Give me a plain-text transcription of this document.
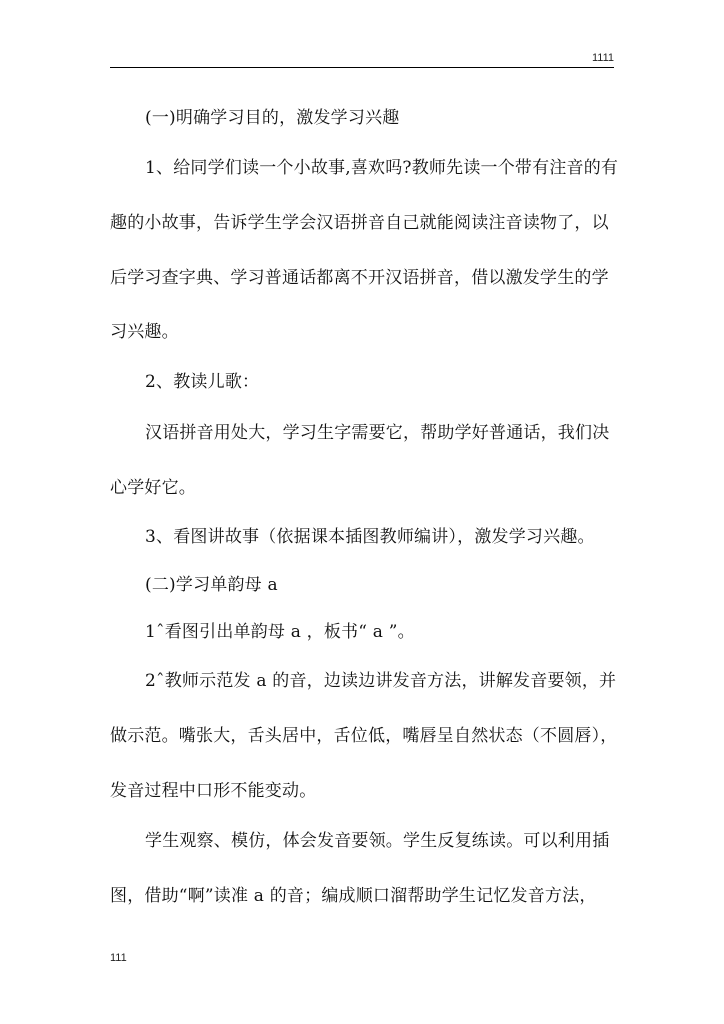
1111
(一)明确学习目的，激发学习兴趣
1、给同学们读一个小故事,喜欢吗?教师先读一个带有注音的有
趣的小故事，告诉学生学会汉语拼音自己就能阅读注音读物了，以
后学习查字典、学习普通话都离不开汉语拼音，借以激发学生的学
习兴趣。
2、教读儿歌：
汉语拼音用处大，学习生字需要它，帮助学好普通话，我们决
心学好它。
3、看图讲故事（依据课本插图教师编讲），激发学习兴趣。
(二)学习单韵母 a
1ˆ看图引出单韵母 a ，板书“ a ”。
2ˆ教师示范发 a 的音，边读边讲发音方法，讲解发音要领，并
做示范。嘴张大，舌头居中，舌位低，嘴唇呈自然状态（不圆唇），
发音过程中口形不能变动。
学生观察、模仿，体会发音要领。学生反复练读。可以利用插
图，借助“啊”读准 a 的音；编成顺口溜帮助学生记忆发音方法，
111
